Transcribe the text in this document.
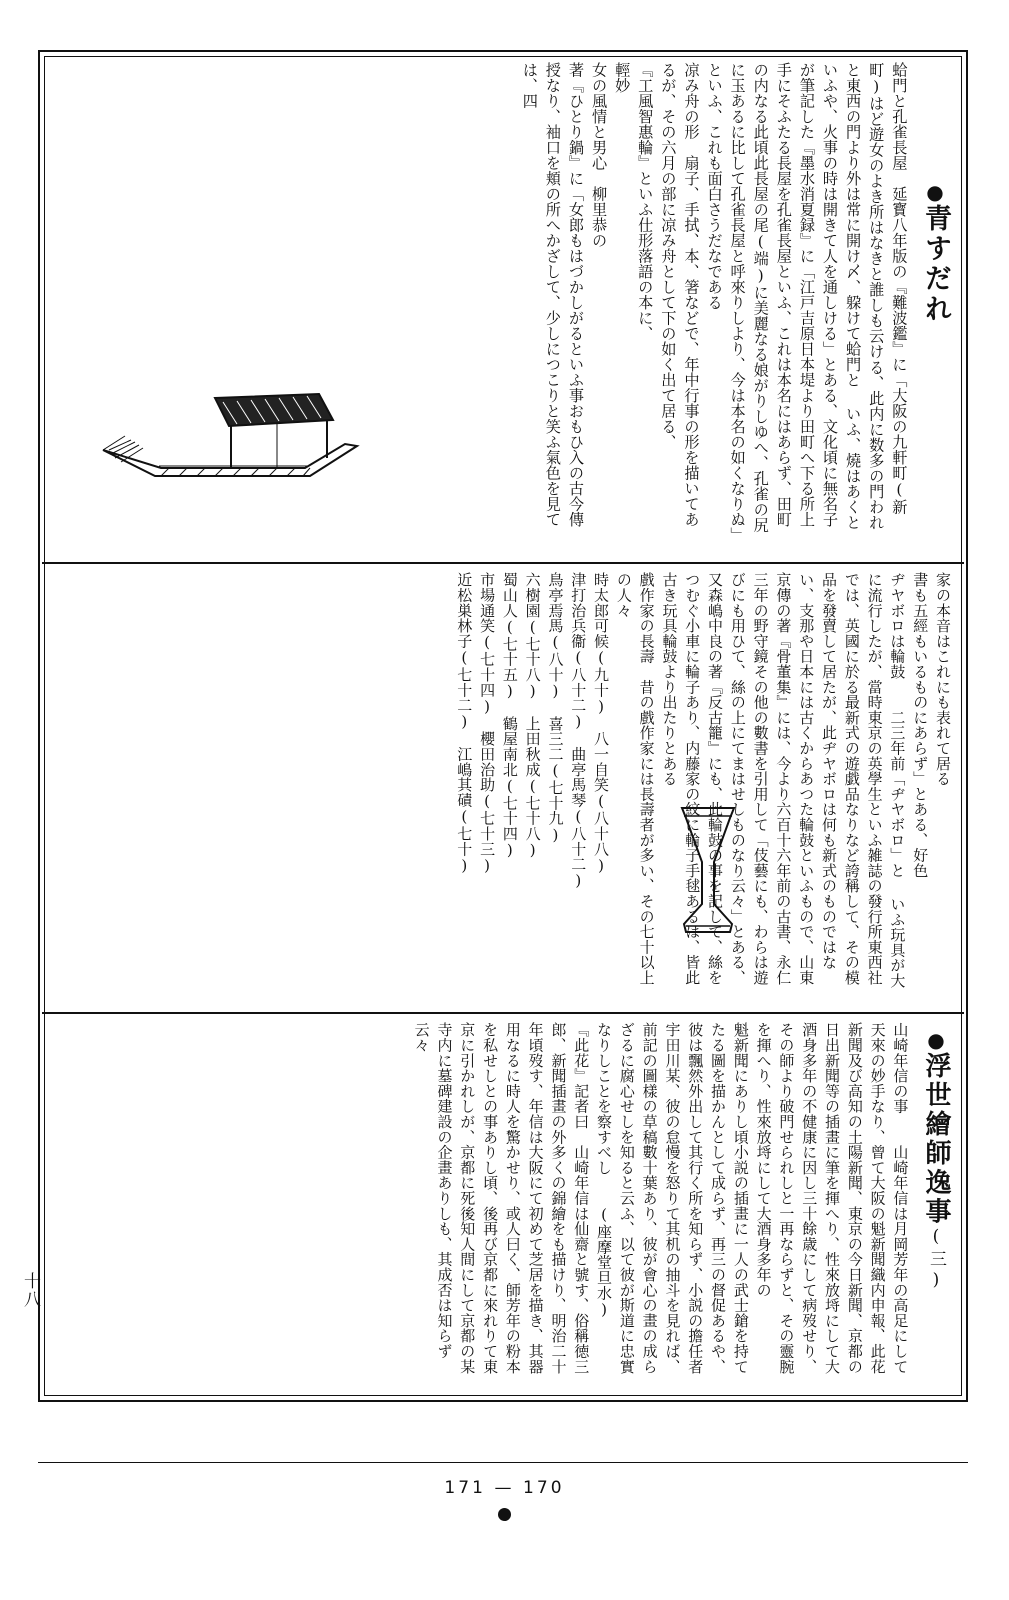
●青すだれ
蛤門と孔雀長屋　延寳八年版の『難波鑑』に「大阪の九軒町(新町)はど遊女のよき所はなきと誰しも云ける、此内に数多の門われと東西の門より外は常に開け〆、躱けて蛤門と いふ、燒はあくといふや、火事の時は開きて人を通しける」とある、文化頃に無名子が筆記した『墨水消夏録』に「江戸吉原日本堤より田町へ下る所上手にそふたる長屋を孔雀長屋といふ、これは本名にはあらず、田町の内なる此頃此長屋の尾(端)に美麗なる娘がりしゆへ、孔雀の尻に玉あるに比して孔雀長屋と呼來りしより、今は本名の如くなりぬ」といふ、これも面白さうだなである
凉み舟の形　扇子、手拭、本、箸などで、年中行事の形を描いてあるが、その六月の部に凉み舟として下の如く出て居る、
『工風智惠輪』といふ仕形落語の本に、
輕妙
女の風情と男心　柳里恭の
著『ひとり鍋』に「女郎もはづかしがるといふ事おもひ入の古今傳授なり、袖口を頬の所へかざして、少しにつこりと笑ふ氣色を見ては、四
家の本音はこれにも表れて居る
書も五經もいるものにあらず」とある、好色
ヂヤボロは輪鼓　　二三年前「ヂヤボロ」と いふ玩具が大に流行したが、當時東京の英學生といふ雑誌の發行所東西社では、英國に於る最新式の遊戯品なりなど誇稱して、その模品を發賣して居たが、此ヂヤボロは何も新式のものではない、支那や日本には古くからあつた輪鼓といふもので、山東京傳の著『骨董集』には、今より六百十六年前の古書、永仁三年の野守鏡その他の數書を引用して「伎藝にも、わらは遊びにも用ひて、絲の上にてまはせしものなり云々」とある、又森嶋中良の著『反古籠』にも、此輪鼓の事を記して、絲をつむぐ小車に輪子あり、内藤家の紋に輪子手毬あるは、皆此古き玩具輪鼓より出たりとある
戲作家の長壽　昔の戲作家には長壽者が多い、その七十以上の人々
時太郎可候(九十)　八一自笑(八十八)
津打治兵衞(八十二)　曲亭馬琴(八十二)
鳥亭焉馬(八十)　喜三二(七十九)
六樹園(七十八)　上田秋成(七十八)
蜀山人(七十五)　鶴屋南北(七十四)
市場通笑(七十四)　櫻田治助(七十三)
近松巣林子(七十二)　江嶋其磧(七十)
●浮世繪師逸事(三)
山崎年信の事　　山崎年信は月岡芳年の高足にして天來の妙手なり、曾て大阪の魁新聞織内申報、此花新聞及び高知の土陽新聞、東京の今日新聞、京都の日出新聞等の插畫に筆を揮へり、性來放埓にして大酒身多年の不健康に因し三十餘歳にして病歿せり、その師より破門せられしと一再ならずと、その靈腕を揮へり、性來放埓にして大酒身多年の
魁新聞にありし頃小説の插畫に一人の武士鎗を持てたる圖を描かんとして成らず、再三の督促あるや、彼は飄然外出して其行く所を知らず、小説の擔任者宇田川某、彼の怠慢を怒りて其机の抽斗を見れば、前記の圖樣の草稿數十葉あり、彼が會心の畫の成らざるに腐心せしを知ると云ふ、以て彼が斯道に忠實なりしことを察すべし　　(座摩堂旦水)
『此花』記者曰　山崎年信は仙齋と號す、俗稱徳三郎、新聞插畫の外多くの錦繪をも描けり、明治二十年頃歿す、年信は大阪にて初めて芝居を描き、其器用なるに時人を驚かせり、或人曰く、師芳年の粉本を私せしとの事ありし頃、後再び京都に來れりて東京に引かれしが、京都に死後知人間にして京都の某寺内に墓碑建設の企畫ありしも、其成否は知らず云々
十八
171 — 170
